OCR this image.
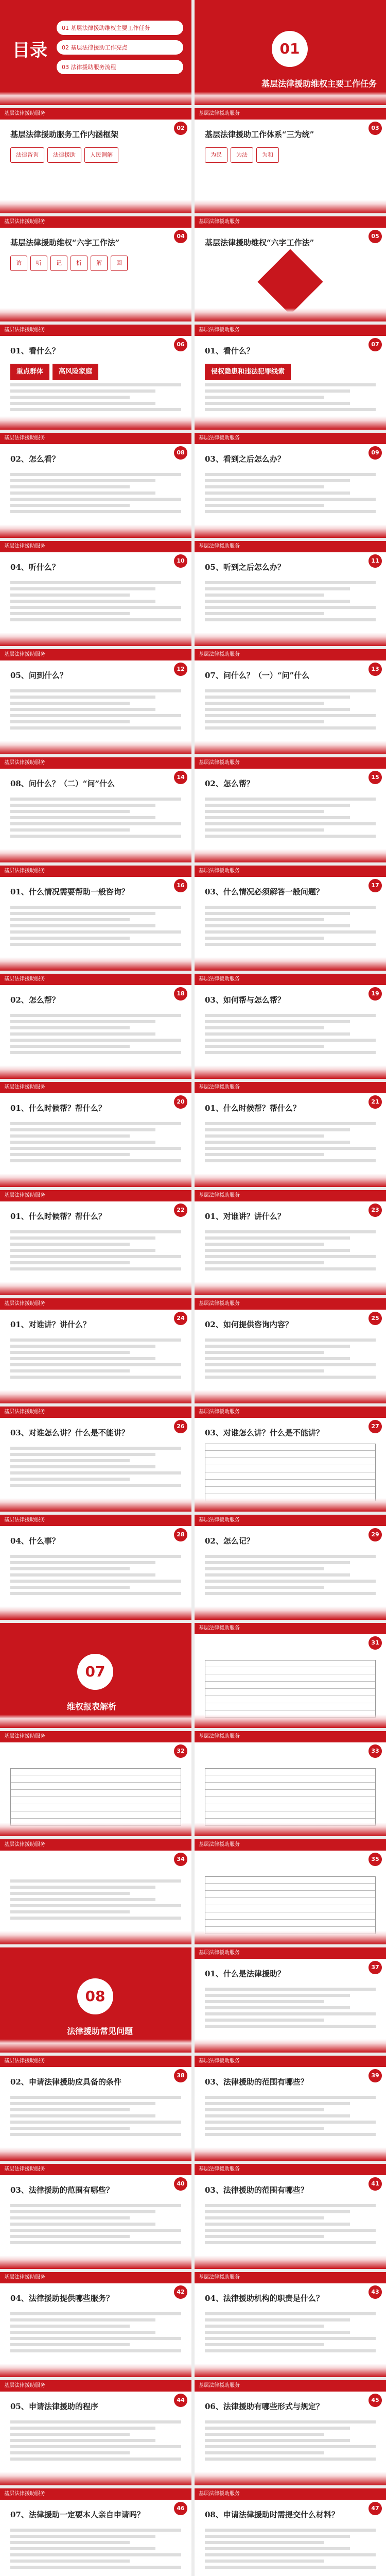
目录
01 基层法律援助维权主要工作任务
02 基层法律援助工作亮点
03 法律援助服务流程
01
基层法律援助维权主要工作任务
基层法律援助服务
02
基层法律援助服务工作内涵框架
法律咨询	法律援助	人民调解
基层法律援助服务
03
基层法律援助工作体系“三为统”
为民	为法	为和
基层法律援助服务
04
基层法律援助维权“六字工作法”
访	听	记	析	解	回
基层法律援助服务
05
基层法律援助维权“六字工作法”
基层法律援助服务
06
01、看什么？
重点群体 高风险家庭
基层法律援助服务
07
01、看什么？
侵权隐患和违法犯罪线索
基层法律援助服务
08
02、怎么看？
基层法律援助服务
09
03、看到之后怎么办？
基层法律援助服务
10
04、听什么？
基层法律援助服务
11
05、听到之后怎么办？
基层法律援助服务
12
05、问到什么？
基层法律援助服务
13
07、问什么？（一）“问”什么
基层法律援助服务
14
08、问什么？（二）“问”什么
基层法律援助服务
15
02、怎么帮？
基层法律援助服务
16
01、什么情况需要帮助一般咨询？
基层法律援助服务
17
03、什么情况必须解答一般问题？
基层法律援助服务
18
02、怎么帮？
基层法律援助服务
19
03、如何帮与怎么帮？
基层法律援助服务
20
01、什么时候帮？帮什么？
基层法律援助服务
21
01、什么时候帮？帮什么？
基层法律援助服务
22
01、什么时候帮？帮什么？
基层法律援助服务
23
01、对谁讲？讲什么？
基层法律援助服务
24
01、对谁讲？讲什么？
基层法律援助服务
25
02、如何提供咨询内容？
基层法律援助服务
26
03、对谁怎么讲？什么是不能讲？
基层法律援助服务
27
03、对谁怎么讲？什么是不能讲？
基层法律援助服务
28
04、什么事？
基层法律援助服务
29
02、怎么记？
07
维权报表解析
基层法律援助服务
31
基层法律援助服务
32
基层法律援助服务
33
基层法律援助服务
34
基层法律援助服务
35
08
法律援助常见问题
基层法律援助服务
37
01、什么是法律援助？
基层法律援助服务
38
02、申请法律援助应具备的条件
基层法律援助服务
39
03、法律援助的范围有哪些？
基层法律援助服务
40
03、法律援助的范围有哪些？
基层法律援助服务
41
03、法律援助的范围有哪些？
基层法律援助服务
42
04、法律援助提供哪些服务？
基层法律援助服务
43
04、法律援助机构的职责是什么？
基层法律援助服务
44
05、申请法律援助的程序
基层法律援助服务
45
06、法律援助有哪些形式与规定？
基层法律援助服务
46
07、法律援助一定要本人亲自申请吗？
基层法律援助服务
47
08、申请法律援助时需提交什么材料？
